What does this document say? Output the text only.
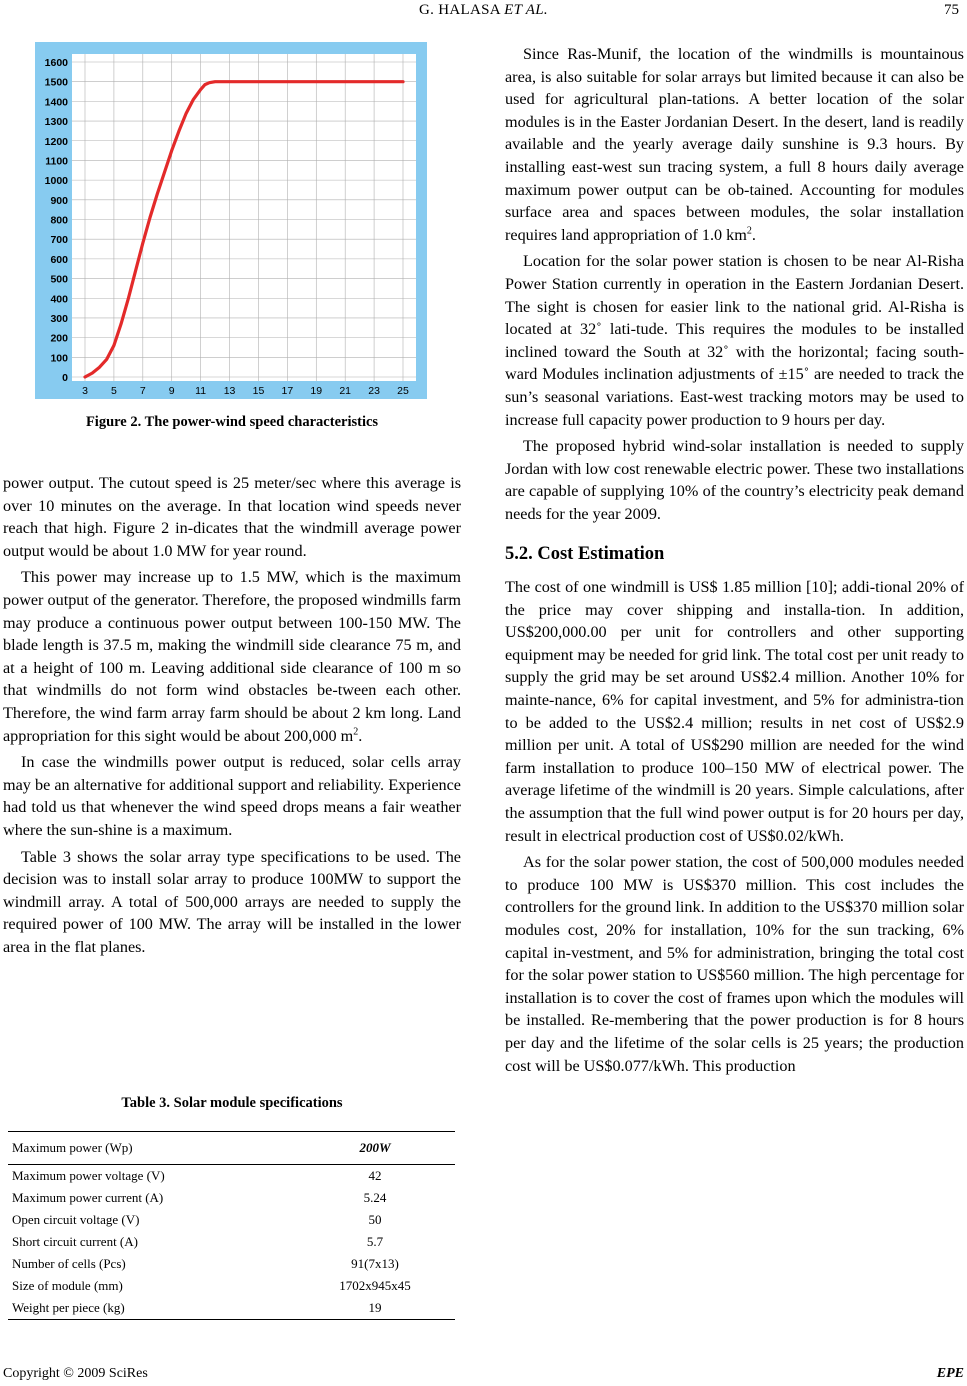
G. HALASA ET AL.	75
0
100
200
300
400
500
600
700
800
900
1000
1100
1200
1300
1400
1500
1600
3 5 7 9 11 13 15 17 19 21 23 25
Figure 2. The power-wind speed characteristics

power output. The cutout speed is 25 meter/sec where this average is over 10 minutes on the average. In that location wind speeds never reach that high. Figure 2 in-dicates that the windmill average power output would be about 1.0 MW for year round.

This power may increase up to 1.5 MW, which is the maximum power output of the generator. Therefore, the proposed windmills farm may produce a continuous power output between 100-150 MW. The blade length is 37.5 m, making the windmill side clearance 75 m, and at a height of 100 m. Leaving additional side clearance of 100 m so that windmills do not form wind obstacles be-tween each other. Therefore, the wind farm array farm should be about 2 km long. Land appropriation for this sight would be about 200,000 $m^2$.

In case the windmills power output is reduced, solar cells array may be an alternative for additional support and reliability. Experience had told us that whenever the wind speed drops means a fair weather where the sun-shine is a maximum.

Table 3 shows the solar array type specifications to be used. The decision was to install solar array to produce 100MW to support the windmill array. A total of 500,000 arrays are needed to supply the required power of 100 MW. The array will be installed in the lower area in the flat planes.

Table 3. Solar module specifications
Maximum power (Wp)	200W
Maximum power voltage (V)	42
Maximum power current (A)	5.24
Open circuit voltage (V)	50
Short circuit current (A)	5.7
Number of cells (Pcs)	91(7x13)
Size of module (mm)	1702x945x45
Weight per piece (kg)	19

Since Ras-Munif, the location of the windmills is mountainous area, is also suitable for solar arrays but limited because it can also be used for agricultural plan-tations. A better location of the solar modules is in the Easter Jordanian Desert. In the desert, land is readily available and the yearly average daily sunshine is 9.3 hours. By installing east-west sun tracing system, a full 8 hours daily average maximum power output can be ob-tained. Accounting for modules surface area and spaces between modules, the solar installation requires land appropriation of 1.0 $km^2$.

Location for the solar power station is chosen to be near Al-Risha Power Station currently in operation in the Eastern Jordanian Desert. The sight is chosen for easier link to the national grid. Al-Risha is located at 32˚ lati-tude. This requires the modules to be installed inclined toward the South at 32˚ with the horizontal; facing south-ward Modules inclination adjustments of ±15˚ are needed to track the sun’s seasonal variations. East-west tracking motors may be used to increase full capacity power production to 9 hours per day.

The proposed hybrid wind-solar installation is needed to supply Jordan with low cost renewable electric power. These two installations are capable of supplying 10% of the country’s electricity peak demand needs for the year 2009.

5.2. Cost Estimation

The cost of one windmill is US$ 1.85 million [10]; addi-tional 20% of the price may cover shipping and installa-tion. In addition, US$200,000.00 per unit for controllers and other supporting equipment may be needed for grid link. The total cost per unit ready to supply the grid may be set around US$2.4 million. Another 10% for mainte-nance, 6% for capital investment, and 5% for administra-tion to be added to the US$2.4 million; results in net cost of US$2.9 million per unit. A total of US$290 million are needed for the wind farm installation to produce 100–150 MW of electrical power. The average lifetime of the windmill is 20 years. Simple calculations, after the assumption that the full wind power output is for 20 hours per day, result in electrical production cost of US$0.02/kWh.

As for the solar power station, the cost of 500,000 modules needed to produce 100 MW is US$370 million. This cost includes the controllers for the ground link. In addition to the US$370 million solar modules cost, 20% for installation, 10% for the sun tracking, 6% capital in-vestment, and 5% for administration, bringing the total cost for the solar power station to US$560 million. The high percentage for installation is to cover the cost of frames upon which the modules will be installed. Re-membering that the power production is for 8 hours per day and the lifetime of the solar cells is 25 years; the production cost will be US$0.077/kWh. This production

Copyright © 2009 SciRes	EPE
